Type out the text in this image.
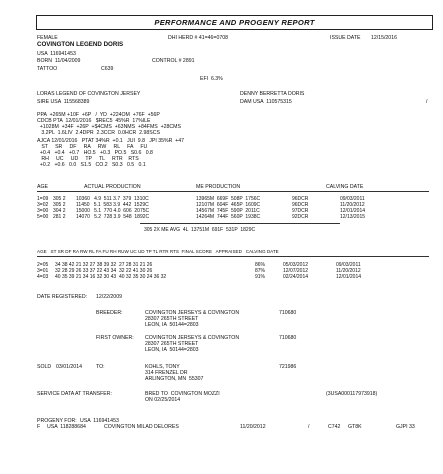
PERFORMANCE AND PROGENY REPORT
FEMALE	DHI HERD # 41=46=0708	ISSUE DATE 12/15/2016
COVINGTON LEGEND DORIS
USA  116941453
BORN  11/04/2009	CONTROL # 2891
TATTOO	C639
EFI  6.3%
LORAS LEGEND OF COVINGTON JERSEY	DENNY BERRETTA DORIS
SIRE USA  115568389	DAM USA  110575315	/
PPA  +265M +10F  +6P   /  YD  +224OM  +76F  +56P
CDCB PTA  12/01/2016   $REC5  45%R  17%ILE
+1028M  +34F  +26P  +$4CMS  +63NMS  +84FMS  +28CMS
3.2PL  1.6LIV  2.4DPR  2.3CCR  0.0HCR  2.98SCS
AJCA 12/01/2016   PTAT 34%R  +0.1   JUI  9.8   JPI 35%R  +47
ST     SR     DF     RA     RW     RL     FA     FU
+0.4   +0.4   +0.7   HO.5   +0.3   PO.5   S0.6   0.8
RH     UC     UD     TP     TL     RTR    RTS
+0.2   +0.6   0.0   S1.5   CO.2   S0.3   0.5   0.1
AGE	ACTUAL PRODUCTION	ME PRODUCTION	CALVING DATE
1=09 305 2 10360   4.9  511 3.7  379  1310C	13965M  669F  508P  1756C	96DCR	09/03/2011
3=02 305 2 11450   5.1  583 3.9  442  1529C	12107M  604F  465P  1609C	96DCR	11/20/2012
3=00 304 2 15000   5.1  770 4.0  606  2075C	14567M  745F  590P  2011C	97DCR	12/01/2014
5=00 281 2 14070   5.2  728 3.9  548  1892C	14264M  744F  560P  1938C	92DCR	12/13/2015
305 2X ME AVG  4L  13751M  691F  531P  1829C
AGE   ST SR DF RA RW RL FA FU RH RUW UC UD TP TL RTR RTS  FINAL SCORE   APPRAISED   CALVING DATE
2=05 34 38 42 21 32 27 38 39 32  27 28 31 21 26	86%	05/03/2012	09/03/2011
3=01 32 28 29 26 33 37 22 43 34  32 22 41 30 26	87%	12/07/2012	11/20/2012
4=03 40 35 39 21 34 16 32 30 43  40 32 35 30 24 36 32	91%	02/24/2014	12/01/2014
DATE REGISTERED: 12/22/2009
BREEDER:	COVINGTON JERSEYS & COVINGTON
28307 265TH STREET
LEON, IA  50144=2803
710680
FIRST OWNER: COVINGTON JERSEYS & COVINGTON
28307 265TH STREET
LEON, IA  50144=2803
710680
SOLD 03/01/2014	TO:	KOHLS, TONY
314 FRENZEL DR
ARLINGTON, MN  55307
721986
SERVICE DATA AT TRANSFER:	BRED TO  COVINGTON MOZZI
ON 02/25/2014
(3USA000117973918)
PROGENY FOR: USA  116941453
F USA  118288684	COVINGTON MILAD DELORES	11/20/2012	/	C742 GT8K	GJPI 33
